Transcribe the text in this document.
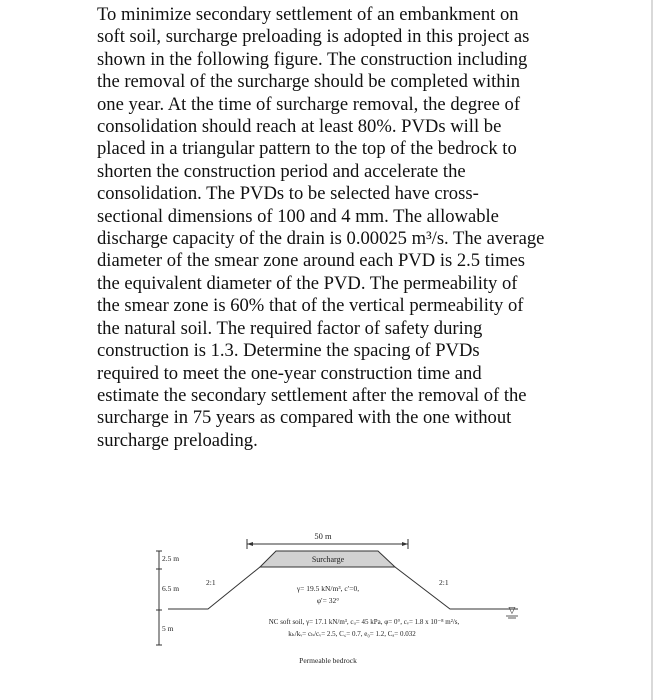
To minimize secondary settlement of an embankment on
soft soil, surcharge preloading is adopted in this project as
shown in the following figure. The construction including
the removal of the surcharge should be completed within
one year. At the time of surcharge removal, the degree of
consolidation should reach at least 80%. PVDs will be
placed in a triangular pattern to the top of the bedrock to
shorten the construction period and accelerate the
consolidation. The PVDs to be selected have cross-
sectional dimensions of 100 and 4 mm. The allowable
discharge capacity of the drain is 0.00025 m³/s. The average
diameter of the smear zone around each PVD is 2.5 times
the equivalent diameter of the PVD. The permeability of
the smear zone is 60% that of the vertical permeability of
the natural soil. The required factor of safety during
construction is 1.3. Determine the spacing of PVDs
required to meet the one-year construction time and
estimate the secondary settlement after the removal of the
surcharge in 75 years as compared with the one without
surcharge preloading.
50 m
2.5 m
6.5 m
5 m
Surcharge
2:1	2:1
γ= 19.5 kN/m³, c′=0,
φ′= 32°
▽
NC soft soil, γ= 17.1 kN/m³, cᵤ= 45 kPa, φ= 0°, cᵥ= 1.8 x 10⁻⁸ m²/s,
kₕ/kᵥ= cₕ/cᵥ= 2.5, C꜀= 0.7, e₀= 1.2, Cₐ= 0.032
Permeable bedrock
